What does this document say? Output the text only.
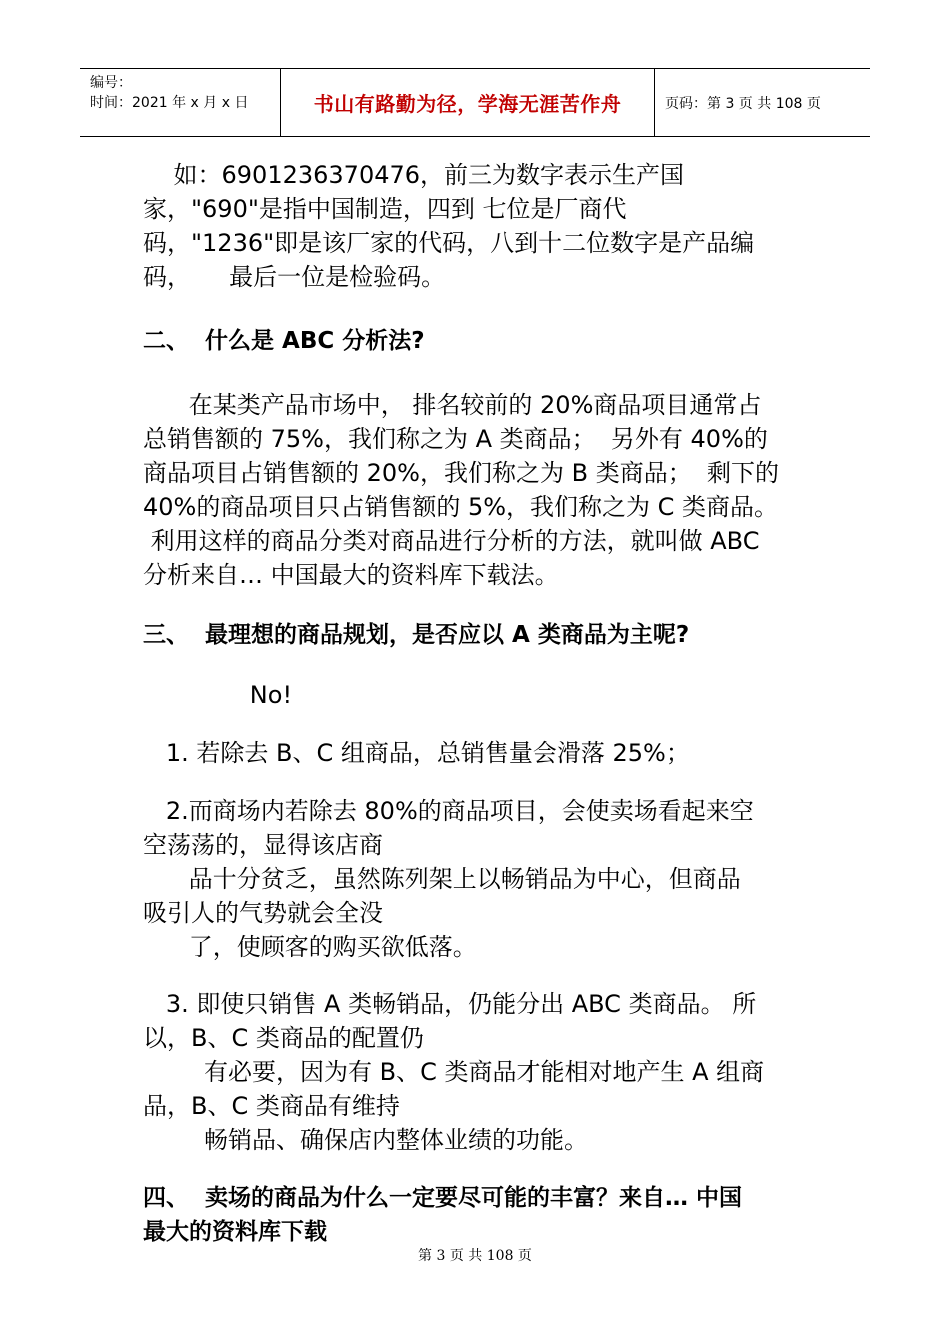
编号：
时间：2021 年 x 月 x 日	书山有路勤为径，学海无涯苦作舟	页码：第 3 页 共 108 页

如：6901236370476，前三为数字表示生产国

家，"690"是指中国制造，四到 七位是厂商代

码，"1236"即是该厂家的代码，八到十二位数字是产品编

码，     最后一位是检验码。

二、  什么是 ABC 分析法?

在某类产品市场中， 排名较前的 20%商品项目通常占

总销售额的 75%，我们称之为 A 类商品；  另外有 40%的

商品项目占销售额的 20%，我们称之为 B 类商品；  剩下的

40%的商品项目只占销售额的 5%，我们称之为 C 类商品。

利用这样的商品分类对商品进行分析的方法，就叫做 ABC

分析来自… 中国最大的资料库下载法。

三、  最理想的商品规划，是否应以 A 类商品为主呢?

No!

1. 若除去 B、C 组商品，总销售量会滑落 25%；

2.而商场内若除去 80%的商品项目，会使卖场看起来空

空荡荡的，显得该店商

品十分贫乏，虽然陈列架上以畅销品为中心，但商品

吸引人的气势就会全没

了，使顾客的购买欲低落。

3. 即使只销售 A 类畅销品，仍能分出 ABC 类商品。 所

以，B、C 类商品的配置仍

有必要，因为有 B、C 类商品才能相对地产生 A 组商

品，B、C 类商品有维持

畅销品、确保店内整体业绩的功能。

四、  卖场的商品为什么一定要尽可能的丰富？来自… 中国
最大的资料库下载
第 3 页 共 108 页
